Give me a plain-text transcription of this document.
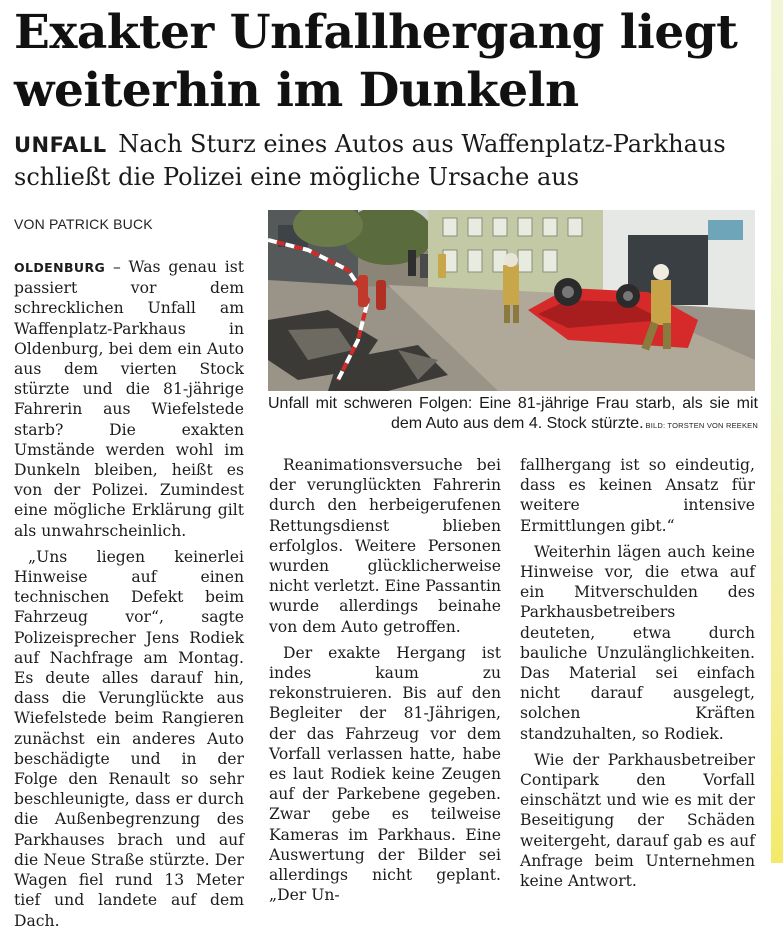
Exakter Unfallhergang liegt weiterhin im Dunkeln

UNFALL Nach Sturz eines Autos aus Waffenplatz-Parkhaus schließt die Polizei eine mögliche Ursache aus

VON PATRICK BUCK
Unfall mit schweren Folgen: Eine 81-jährige Frau starb, als sie mit dem Auto aus dem 4. Stock stürzte. BILD: TORSTEN VON REEKEN

OLDENBURG – Was genau ist passiert vor dem schrecklichen Unfall am Waffenplatz-Parkhaus in Oldenburg, bei dem ein Auto aus dem vierten Stock stürzte und die 81-jährige Fahrerin aus Wiefelstede starb? Die exakten Umstände werden wohl im Dunkeln bleiben, heißt es von der Polizei. Zumindest eine mögliche Erklärung gilt als unwahrscheinlich.

„Uns liegen keinerlei Hinweise auf einen technischen Defekt beim Fahrzeug vor“, sagte Polizeisprecher Jens Rodiek auf Nachfrage am Montag. Es deute alles darauf hin, dass die Verunglückte aus Wiefelstede beim Rangieren zunächst ein anderes Auto beschädigte und in der Folge den Renault so sehr beschleunigte, dass er durch die Außenbegrenzung des Parkhauses brach und auf die Neue Straße stürzte. Der Wagen fiel rund 13 Meter tief und landete auf dem Dach.

Reanimationsversuche bei der verunglückten Fahrerin durch den herbeigerufenen Rettungsdienst blieben erfolglos. Weitere Personen wurden glücklicherweise nicht verletzt. Eine Passantin wurde allerdings beinahe von dem Auto getroffen.

Der exakte Hergang ist indes kaum zu rekonstruieren. Bis auf den Begleiter der 81-Jährigen, der das Fahrzeug vor dem Vorfall verlassen hatte, habe es laut Rodiek keine Zeugen auf der Parkebene gegeben. Zwar gebe es teilweise Kameras im Parkhaus. Eine Auswertung der Bilder sei allerdings nicht geplant. „Der Un-

fallhergang ist so eindeutig, dass es keinen Ansatz für weitere intensive Ermittlungen gibt.“

Weiterhin lägen auch keine Hinweise vor, die etwa auf ein Mitverschulden des Parkhausbetreibers deuteten, etwa durch bauliche Unzulänglichkeiten. Das Material sei einfach nicht darauf ausgelegt, solchen Kräften standzuhalten, so Rodiek.

Wie der Parkhausbetreiber Contipark den Vorfall einschätzt und wie es mit der Beseitigung der Schäden weitergeht, darauf gab es auf Anfrage beim Unternehmen keine Antwort.
